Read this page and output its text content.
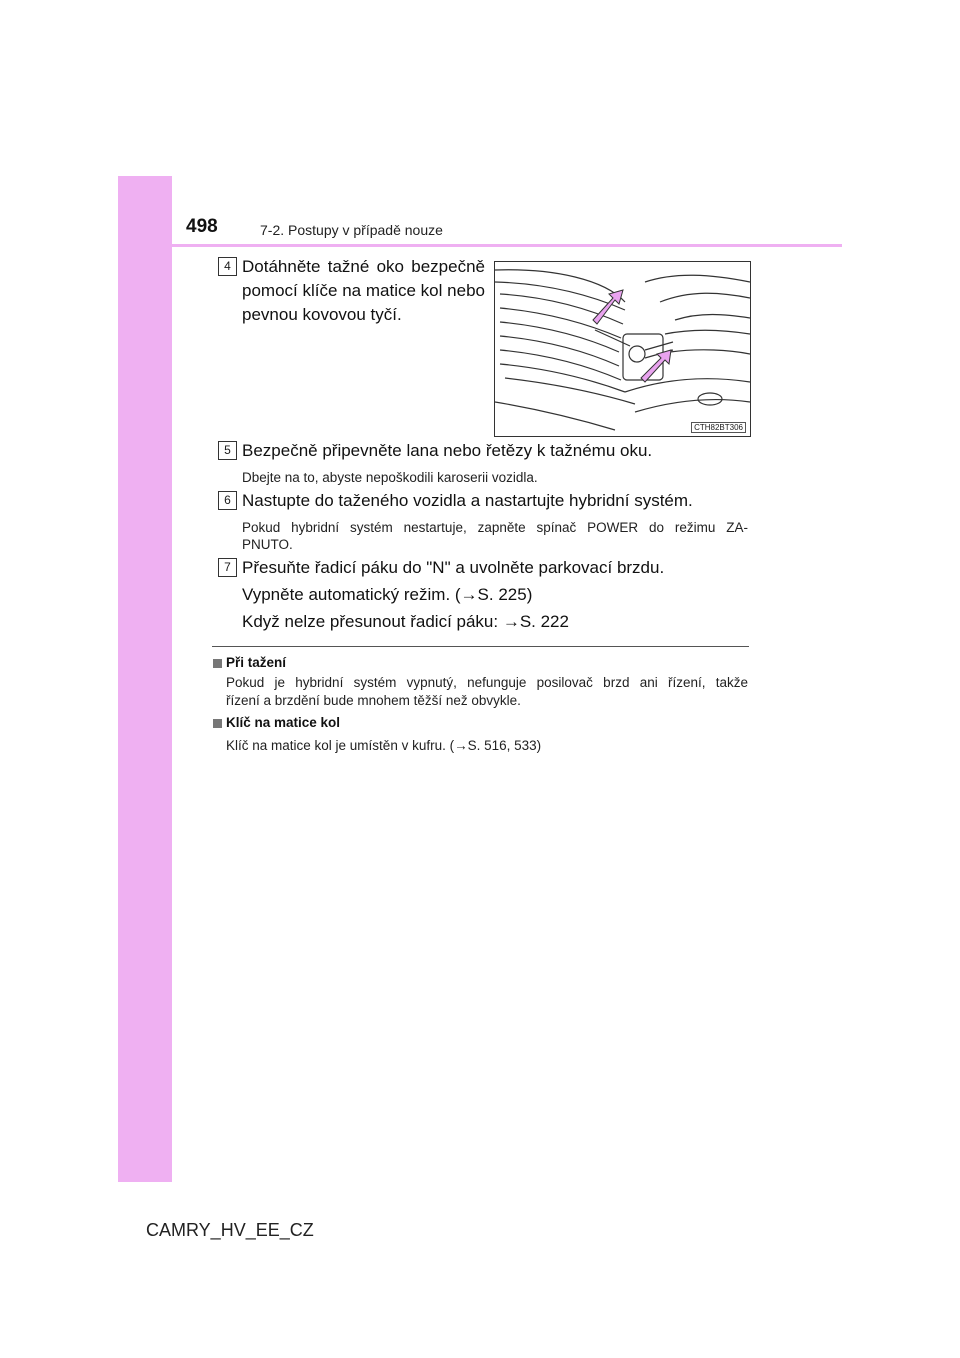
498	7-2. Postupy v případě nouze
4 Dotáhněte tažné oko bezpečně
pomocí klíče na matice kol nebo
pevnou kovovou tyčí.
CTH82BT306
5 Bezpečně připevněte lana nebo řetězy k tažnému oku.
Dbejte na to, abyste nepoškodili karoserii vozidla.
6 Nastupte do taženého vozidla a nastartujte hybridní systém.
Pokud hybridní systém nestartuje, zapněte spínač POWER do režimu ZA-
PNUTO.
7 Přesuňte řadicí páku do "N" a uvolněte parkovací brzdu.
Vypněte automatický režim. (→S. 225)
Když nelze přesunout řadicí páku: →S. 222
Při tažení
Pokud je hybridní systém vypnutý, nefunguje posilovač brzd ani řízení, takže
řízení a brzdění bude mnohem těžší než obvykle.
Klíč na matice kol
Klíč na matice kol je umístěn v kufru. (→S. 516, 533)
CAMRY_HV_EE_CZ
